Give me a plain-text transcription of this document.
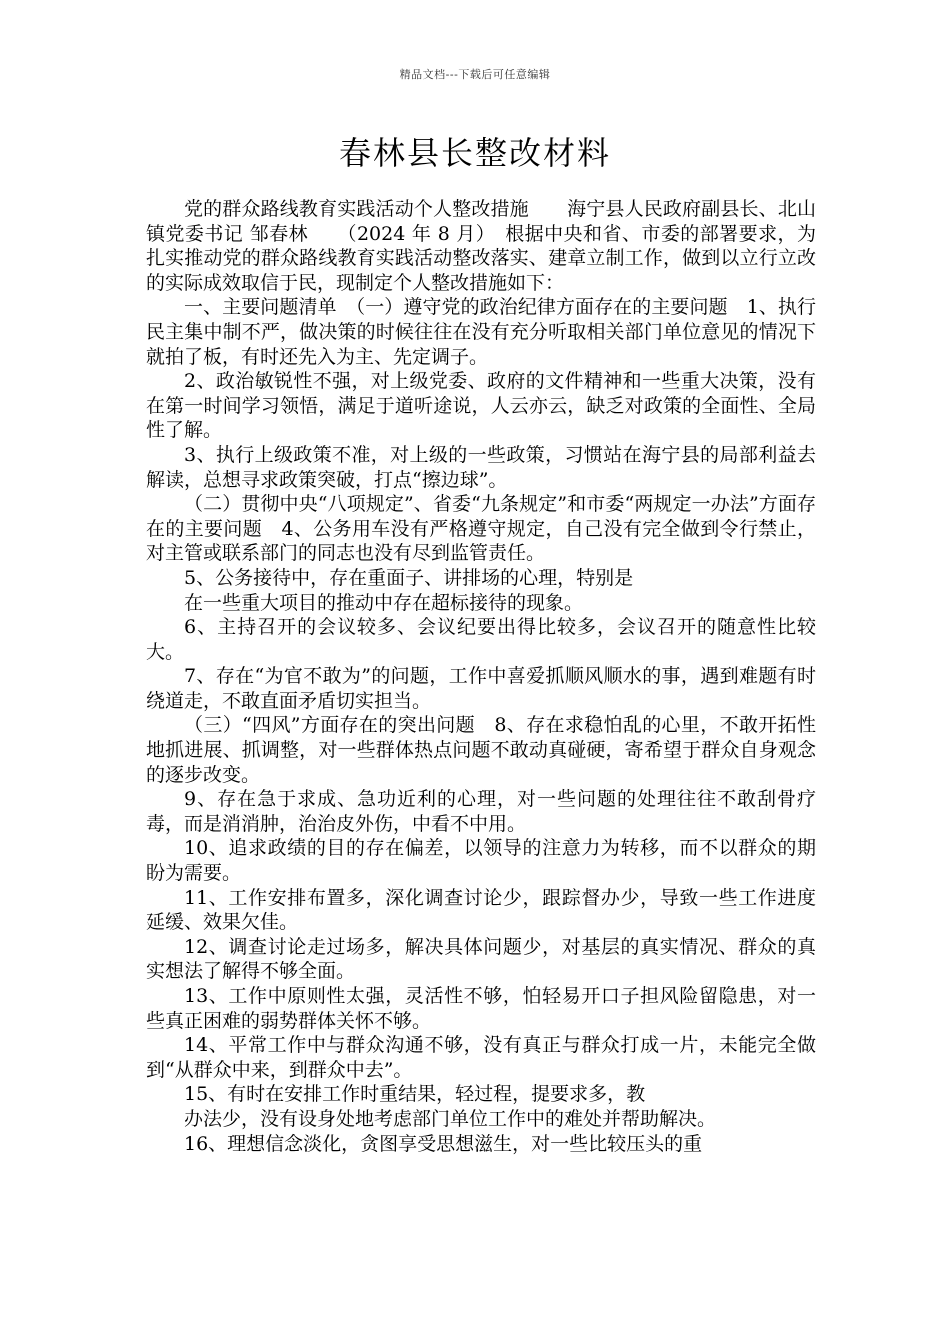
精品文档---下载后可任意编辑
春林县长整改材料

党的群众路线教育实践活动个人整改措施　　海宁县人民政府副县长、北山镇党委书记 邹春林　　（2024 年 8 月）　根据中央和省、市委的部署要求，为扎实推动党的群众路线教育实践活动整改落实、建章立制工作，做到以立行立改的实际成效取信于民，现制定个人整改措施如下：

一、主要问题清单　（一）遵守党的政治纪律方面存在的主要问题　1、执行民主集中制不严，做决策的时候往往在没有充分听取相关部门单位意见的情况下就拍了板，有时还先入为主、先定调子。

2、政治敏锐性不强，对上级党委、政府的文件精神和一些重大决策，没有在第一时间学习领悟，满足于道听途说，人云亦云，缺乏对政策的全面性、全局性了解。

3、执行上级政策不准，对上级的一些政策，习惯站在海宁县的局部利益去解读，总想寻求政策突破，打点“擦边球”。

（二）贯彻中央“八项规定”、省委“九条规定”和市委“两规定一办法”方面存在的主要问题　4、公务用车没有严格遵守规定，自己没有完全做到令行禁止，对主管或联系部门的同志也没有尽到监管责任。

5、公务接待中，存在重面子、讲排场的心理，特别是

在一些重大项目的推动中存在超标接待的现象。

6、主持召开的会议较多、会议纪要出得比较多，会议召开的随意性比较大。

7、存在“为官不敢为”的问题，工作中喜爱抓顺风顺水的事，遇到难题有时绕道走，不敢直面矛盾切实担当。

（三）“四风”方面存在的突出问题　8、存在求稳怕乱的心里，不敢开拓性地抓进展、抓调整，对一些群体热点问题不敢动真碰硬，寄希望于群众自身观念的逐步改变。

9、存在急于求成、急功近利的心理，对一些问题的处理往往不敢刮骨疗毒，而是消消肿，治治皮外伤，中看不中用。

10、追求政绩的目的存在偏差，以领导的注意力为转移，而不以群众的期盼为需要。

11、工作安排布置多，深化调查讨论少，跟踪督办少，导致一些工作进度延缓、效果欠佳。

12、调查讨论走过场多，解决具体问题少，对基层的真实情况、群众的真实想法了解得不够全面。

13、工作中原则性太强，灵活性不够，怕轻易开口子担风险留隐患，对一些真正困难的弱势群体关怀不够。

14、平常工作中与群众沟通不够，没有真正与群众打成一片，未能完全做到“从群众中来，到群众中去”。

15、有时在安排工作时重结果，轻过程，提要求多，教

办法少，没有设身处地考虑部门单位工作中的难处并帮助解决。

16、理想信念淡化，贪图享受思想滋生，对一些比较压头的重
